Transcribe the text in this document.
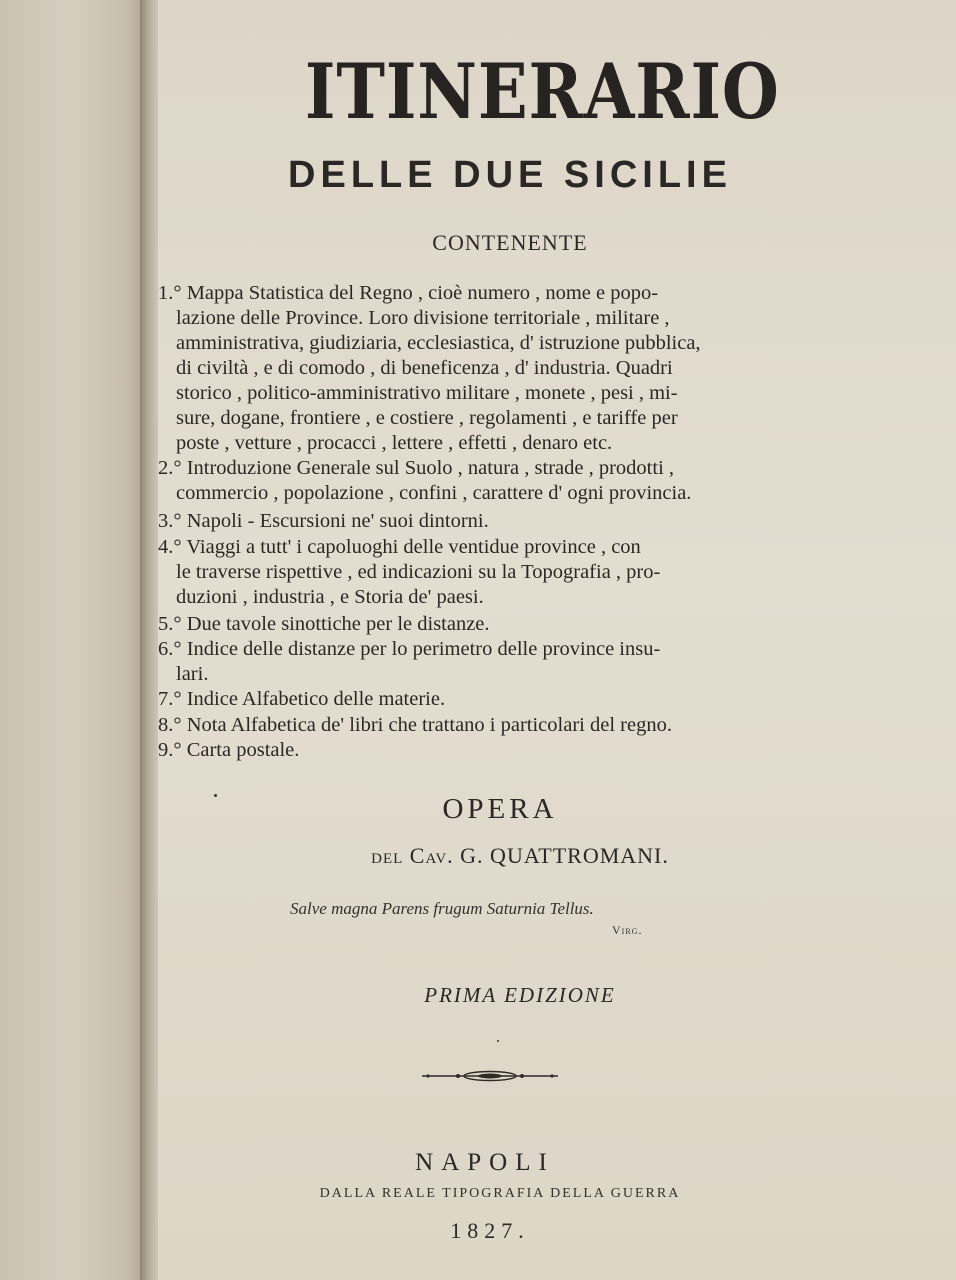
ITINERARIO
DELLE DUE SICILIE
CONTENENTE
1.° Mappa Statistica del Regno , cioè numero , nome e popo-
lazione delle Province. Loro divisione territoriale , militare ,
amministrativa, giudiziaria, ecclesiastica, d' istruzione pubblica,
di civiltà , e di comodo , di beneficenza , d' industria. Quadri
storico , politico-amministrativo militare , monete , pesi , mi-
sure, dogane, frontiere , e costiere , regolamenti , e tariffe per
poste , vetture , procacci , lettere , effetti , denaro etc.
2.° Introduzione Generale sul Suolo , natura , strade , prodotti ,
commercio , popolazione , confini , carattere d' ogni provincia.
3.° Napoli - Escursioni ne' suoi dintorni.
4.° Viaggi a tutt' i capoluoghi delle ventidue province , con
le traverse rispettive , ed indicazioni su la Topografia , pro-
duzioni , industria , e Storia de' paesi.
5.° Due tavole sinottiche per le distanze.
6.° Indice delle distanze per lo perimetro delle province insu-
lari.
7.° Indice Alfabetico delle materie.
8.° Nota Alfabetica de' libri che trattano i particolari del regno.
9.° Carta postale.
OPERA
del Cav. G. QUATTROMANI.
Salve magna Parens frugum Saturnia Tellus.
Virg.
PRIMA EDIZIONE
NAPOLI
DALLA REALE TIPOGRAFIA DELLA GUERRA
1827.
